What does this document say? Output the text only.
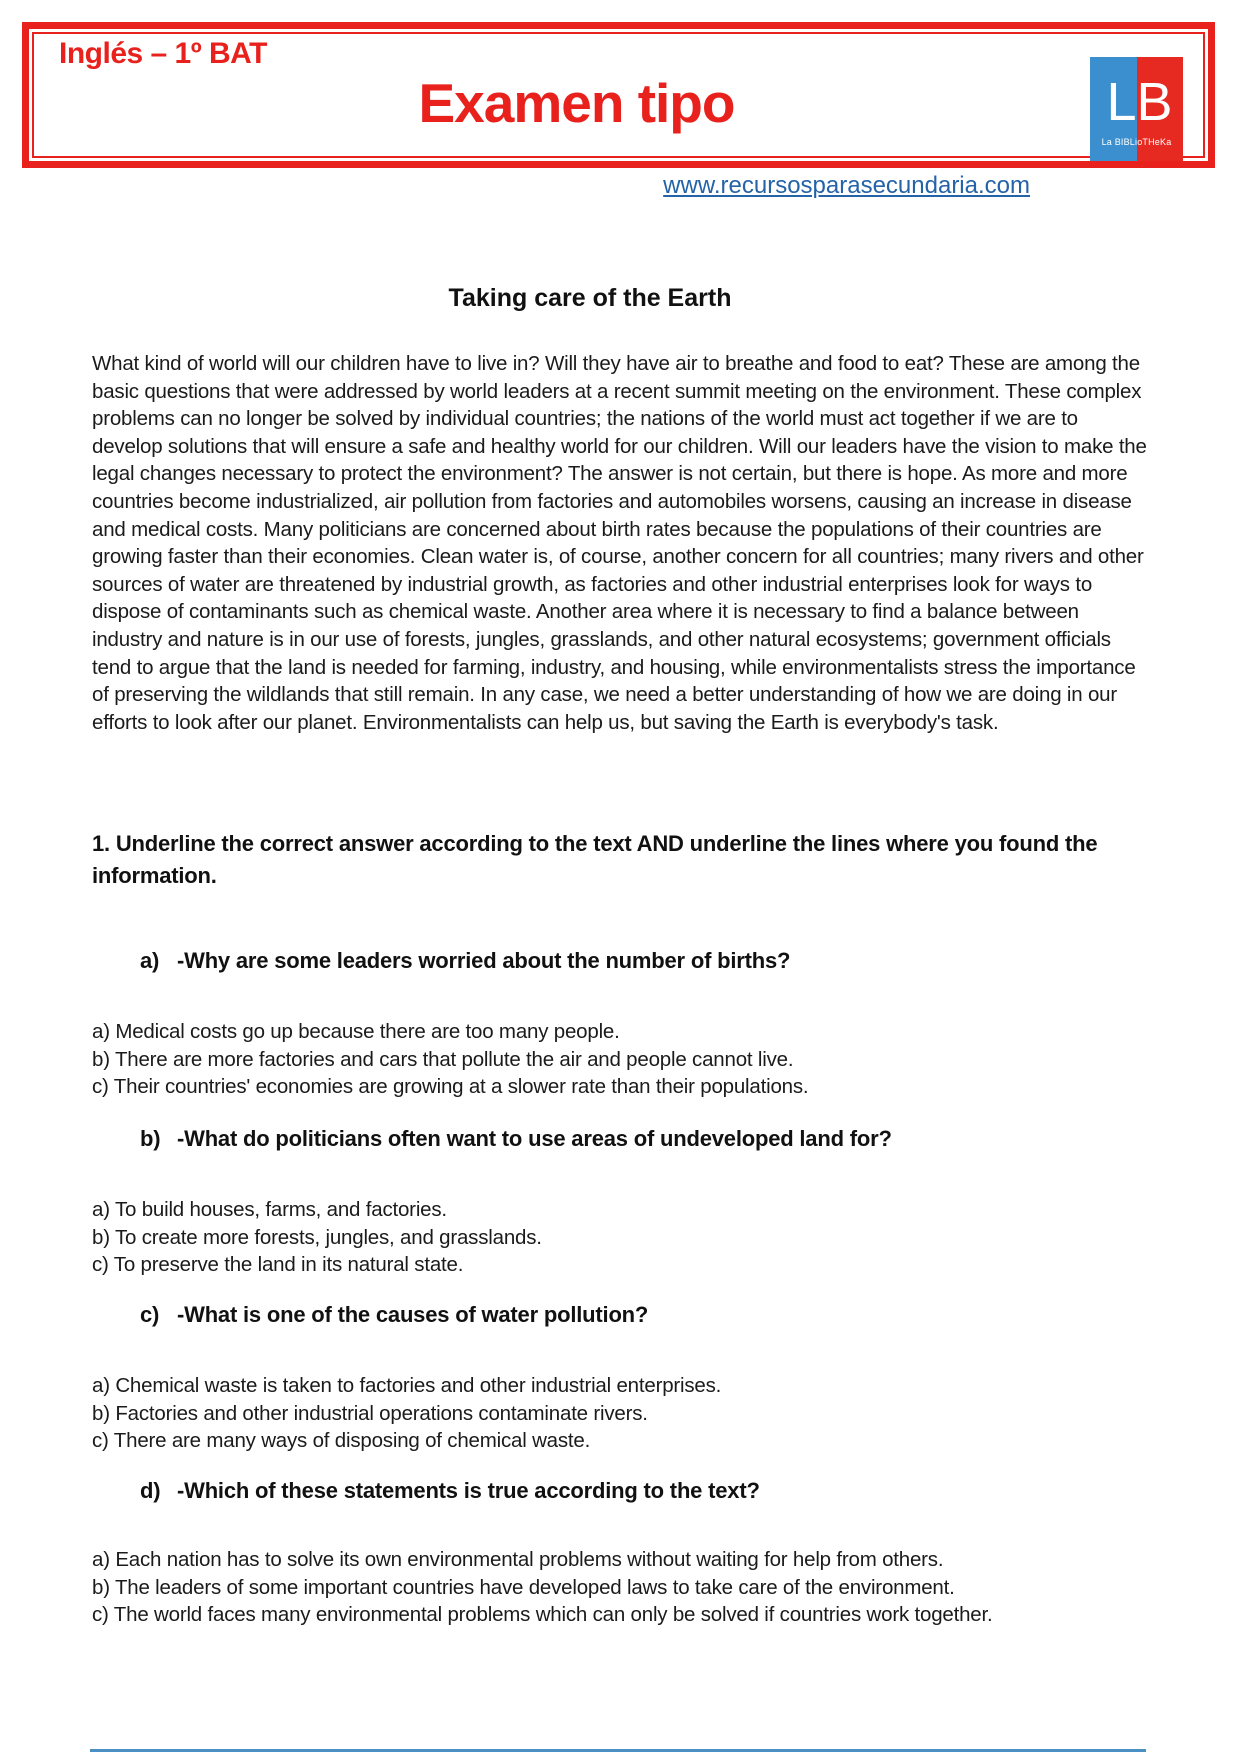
Inglés – 1º BAT
Examen tipo	L B
La BIBLioTHeKa
www.recursosparasecundaria.com
Taking care of the Earth
What kind of world will our children have to live in? Will they have air to breathe and food to eat? These are among the basic questions that were addressed by world leaders at a recent summit meeting on the environment. These complex problems can no longer be solved by individual countries; the nations of the world must act together if we are to develop solutions that will ensure a safe and healthy world for our children. Will our leaders have the vision to make the legal changes necessary to protect the environment? The answer is not certain, but there is hope. As more and more countries become industrialized, air pollution from factories and automobiles worsens, causing an increase in disease and medical costs. Many politicians are concerned about birth rates because the populations of their countries are growing faster than their economies. Clean water is, of course, another concern for all countries; many rivers and other sources of water are threatened by industrial growth, as factories and other industrial enterprises look for ways to dispose of contaminants such as chemical waste. Another area where it is necessary to find a balance between industry and nature is in our use of forests, jungles, grasslands, and other natural ecosystems; government officials tend to argue that the land is needed for farming, industry, and housing, while environmentalists stress the importance of preserving the wildlands that still remain. In any case, we need a better understanding of how we are doing in our efforts to look after our planet. Environmentalists can help us, but saving the Earth is everybody's task.
1. Underline the correct answer according to the text AND underline the lines where you found the information.
a) -Why are some leaders worried about the number of births?
a) Medical costs go up because there are too many people.
b) There are more factories and cars that pollute the air and people cannot live.
c) Their countries' economies are growing at a slower rate than their populations.
b) -What do politicians often want to use areas of undeveloped land for?
a) To build houses, farms, and factories.
b) To create more forests, jungles, and grasslands.
c) To preserve the land in its natural state.
c) -What is one of the causes of water pollution?
a) Chemical waste is taken to factories and other industrial enterprises.
b) Factories and other industrial operations contaminate rivers.
c) There are many ways of disposing of chemical waste.
d) -Which of these statements is true according to the text?
a) Each nation has to solve its own environmental problems without waiting for help from others.
b) The leaders of some important countries have developed laws to take care of the environment.
c) The world faces many environmental problems which can only be solved if countries work together.
